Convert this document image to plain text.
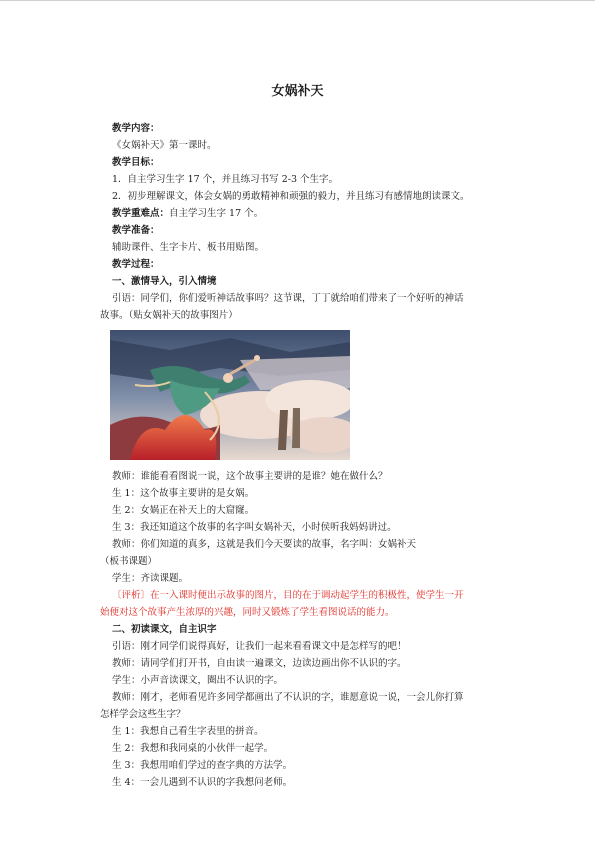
女娲补天
教学内容：
《女娲补天》第一课时。
教学目标：
1．自主学习生字 17 个，并且练习书写 2-3 个生字。
2．初步理解课文，体会女娲的勇敢精神和顽强的毅力，并且练习有感情地朗读课文。
教学重难点：自主学习生字 17 个。
教学准备：
辅助课件、生字卡片、板书用贴图。
教学过程：
一、激情导入，引入情境
引语：同学们，你们爱听神话故事吗？这节课，丁丁就给咱们带来了一个好听的神话
故事。（贴女娲补天的故事图片）
教师：谁能看看图说一说，这个故事主要讲的是谁？她在做什么？
生 1：这个故事主要讲的是女娲。
生 2：女娲正在补天上的大窟窿。
生 3：我还知道这个故事的名字叫女娲补天，小时侯听我妈妈讲过。
教师：你们知道的真多，这就是我们今天要读的故事，名字叫：女娲补天
（板书课题）
学生：齐读课题。
〔评析〕在一入课时便出示故事的图片，目的在于调动起学生的积极性，使学生一开
始便对这个故事产生浓厚的兴趣，同时又锻炼了学生看图说话的能力。
二、初读课文，自主识字
引语：刚才同学们说得真好，让我们一起来看看课文中是怎样写的吧！
教师：请同学们打开书，自由读一遍课文，边读边画出你不认识的字。
学生：小声音读课文，圈出不认识的字。
教师：刚才，老师看见许多同学都画出了不认识的字，谁愿意说一说，一会儿你打算
怎样学会这些生字？
生 1：我想自己看生字表里的拼音。
生 2：我想和我同桌的小伙伴一起学。
生 3：我想用咱们学过的查字典的方法学。
生 4：一会儿遇到不认识的字我想问老师。
